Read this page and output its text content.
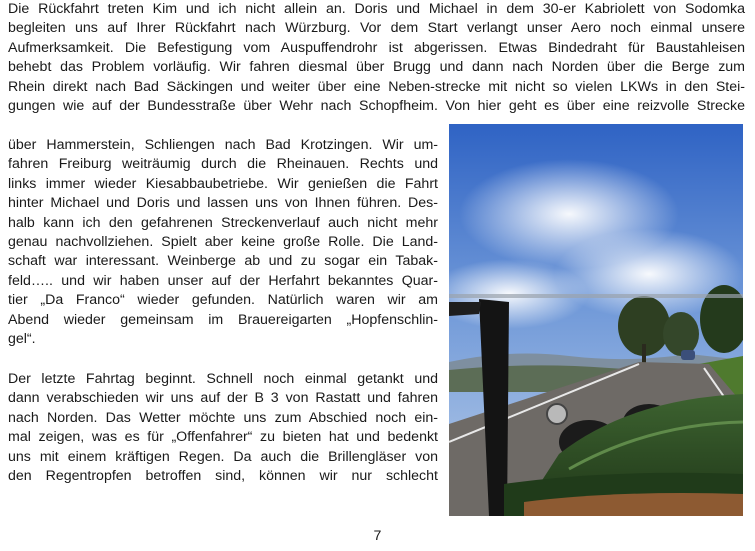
Die Rückfahrt treten Kim und ich nicht allein an. Doris und Michael in dem 30-er Kabriolett von Sodomka
begleiten uns auf Ihrer Rückfahrt nach Würzburg. Vor dem Start verlangt unser Aero noch einmal unsere
Aufmerksamkeit. Die Befestigung vom Auspuffendrohr ist abgerissen. Etwas Bindedraht für Baustahleisen
behebt das Problem vorläufig. Wir fahren diesmal über Brugg und dann nach Norden über die Berge zum
Rhein direkt nach Bad Säckingen und weiter über eine Neben-strecke mit nicht so vielen LKWs in den Stei-
gungen wie auf der Bundesstraße über Wehr nach Schopfheim. Von hier geht es über eine reizvolle Strecke
über Hammerstein, Schliengen nach Bad Krotzingen. Wir um-
fahren Freiburg weiträumig durch die Rheinauen. Rechts und
links immer wieder Kiesabbaubetriebe. Wir genießen die Fahrt
hinter Michael und Doris und lassen uns von Ihnen führen. Des-
halb kann ich den gefahrenen Streckenverlauf auch nicht mehr
genau nachvollziehen. Spielt aber keine große Rolle. Die Land-
schaft war interessant. Weinberge ab und zu sogar ein Tabak-
feld….. und wir haben unser auf der Herfahrt bekanntes Quar-
tier „Da Franco“ wieder gefunden. Natürlich waren wir am
Abend wieder gemeinsam im Brauereigarten „Hopfenschlin-
gel“.
Der letzte Fahrtag beginnt. Schnell noch einmal getankt und
dann verabschieden wir uns auf der B 3 von Rastatt und fahren
nach Norden. Das Wetter möchte uns zum Abschied noch ein-
mal zeigen, was es für „Offenfahrer“ zu bieten hat und bedenkt
uns mit einem kräftigen Regen. Da auch die Brillengläser von
den Regentropfen betroffen sind, können wir nur schlecht
7
